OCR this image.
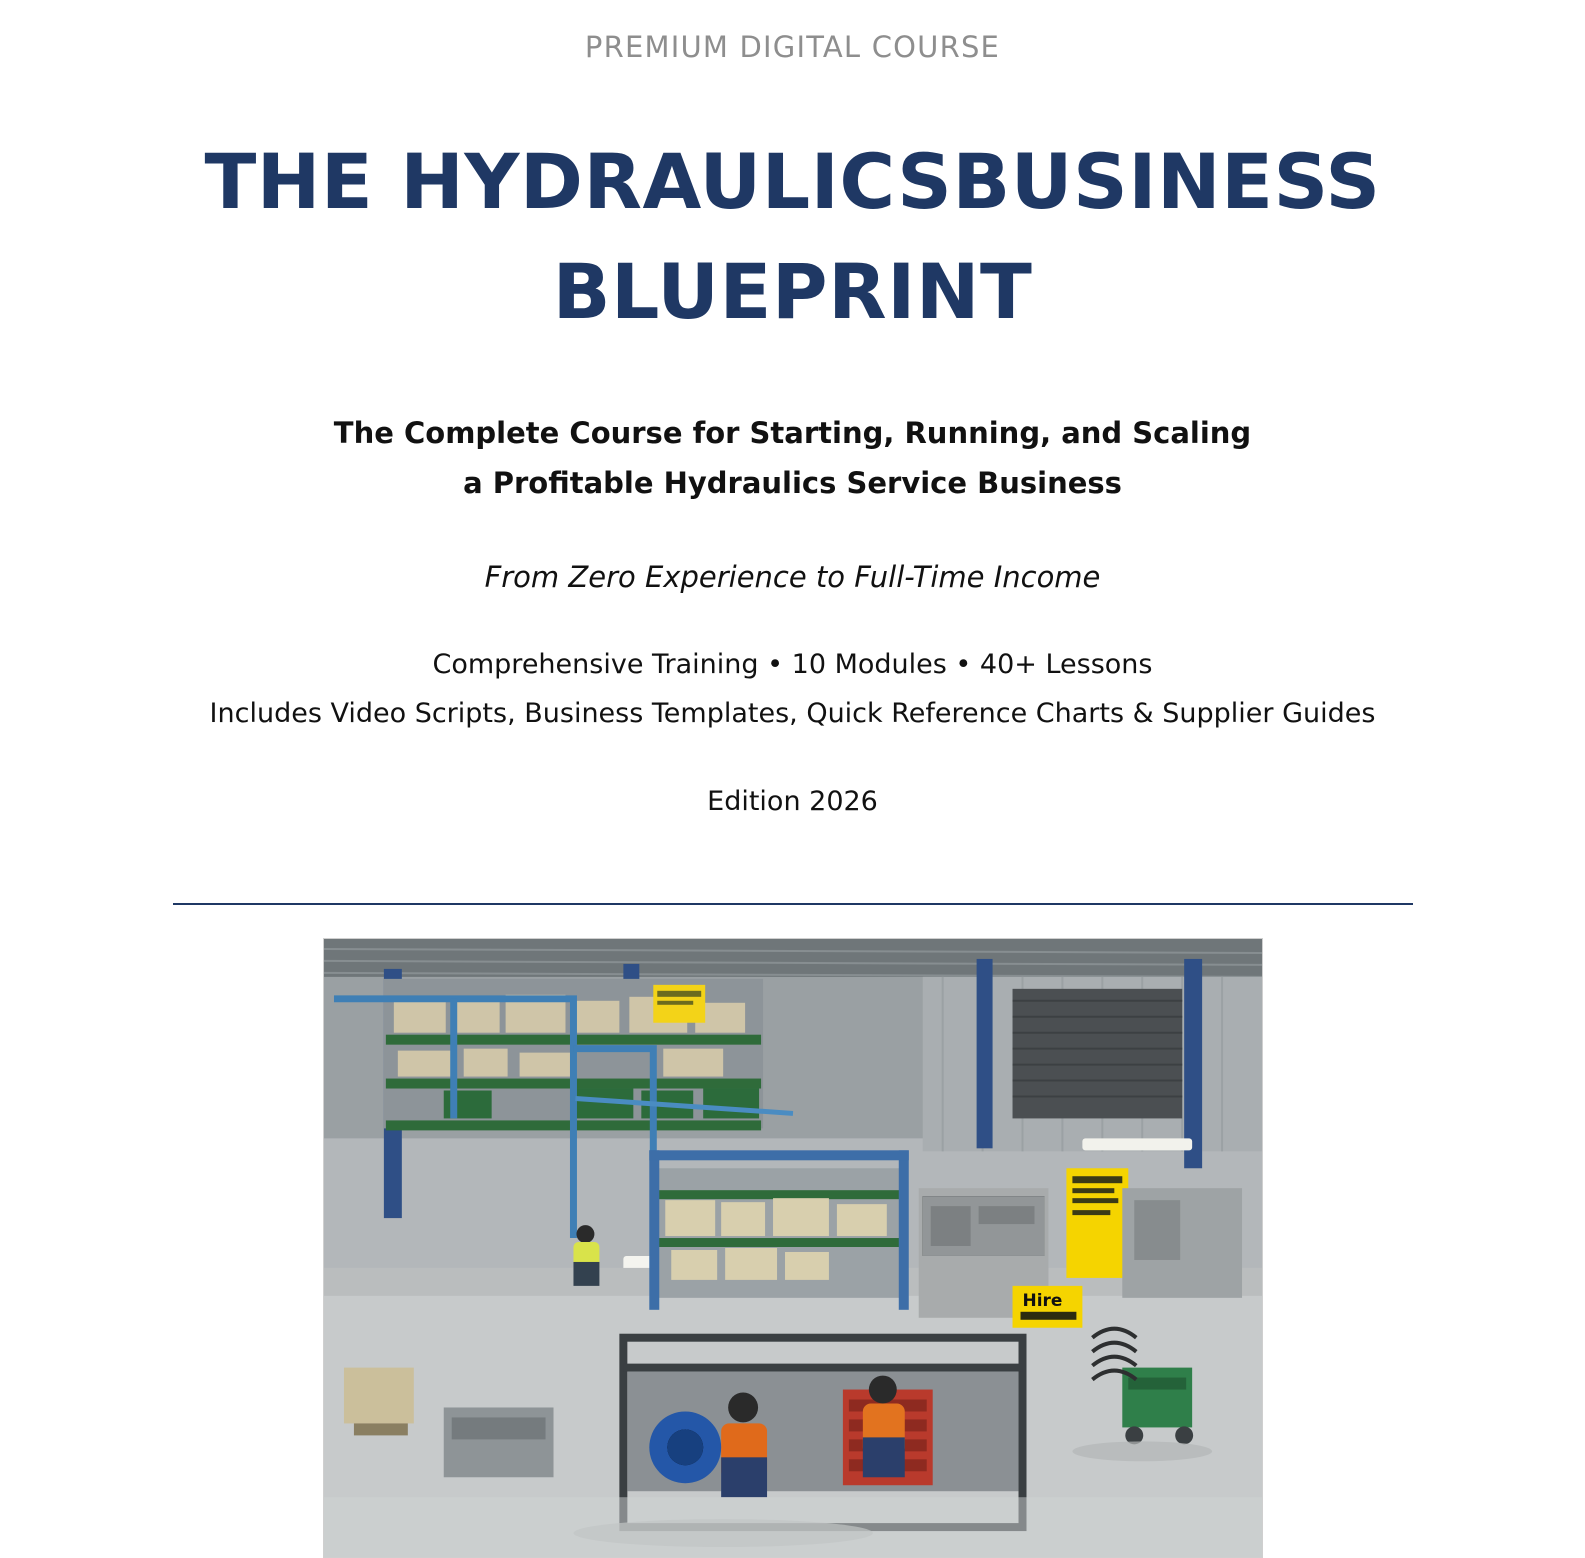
PREMIUM DIGITAL COURSE
THE HYDRAULICSBUSINESS BLUEPRINT
The Complete Course for Starting, Running, and Scaling
a Profitable Hydraulics Service Business
From Zero Experience to Full-Time Income
Comprehensive Training • 10 Modules • 40+ Lessons
Includes Video Scripts, Business Templates, Quick Reference Charts & Supplier Guides
Edition 2026
Hire
